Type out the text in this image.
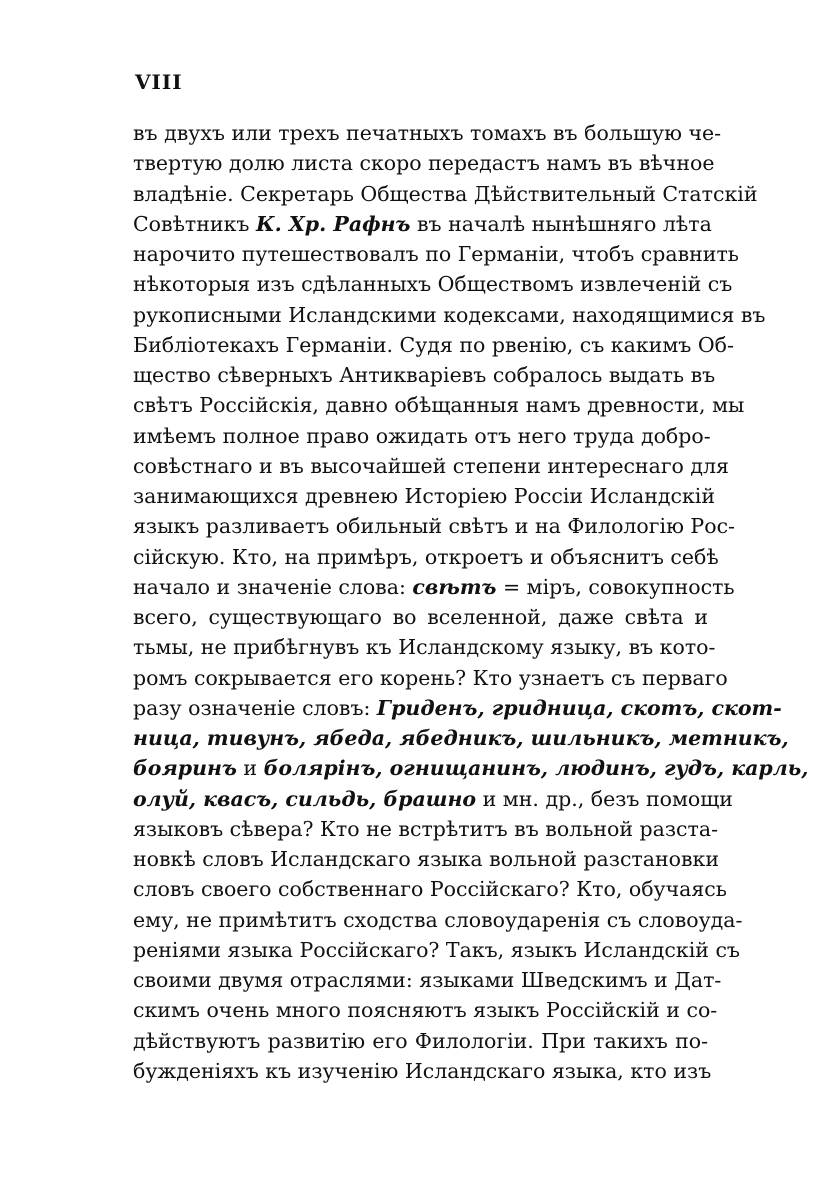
VIII
въ двухъ или трехъ печатныхъ томахъ въ большую че-
твертую долю листа скоро передастъ намъ въ вѣчное
владѣніе. Секретарь Общества Дѣйствительный Статскій
Совѣтникъ К. Хр. Рафнъ въ началѣ нынѣшняго лѣта
нарочито путешествовалъ по Германіи, чтобъ сравнить
нѣкоторыя изъ сдѣланныхъ Обществомъ извлеченій съ
рукописными Исландскими кодексами, находящимися въ
Библіотекахъ Германіи. Судя по рвенію, съ какимъ Об-
щество сѣверныхъ Антикваріевъ собралось выдать въ
свѣтъ Россійскія, давно обѣщанныя намъ древности, мы
имѣемъ полное право ожидать отъ него труда добро-
совѣстнаго и въ высочайшей степени интереснаго для
занимающихся древнею Исторіею Россіи Исландскій
языкъ разливаетъ обильный свѣтъ и на Филологію Рос-
сійскую. Кто, на примѣръ, откроетъ и объяснитъ себѣ
начало и значеніе слова: свѣтъ = міръ, совокупность
всего, существующаго во вселенной, даже свѣта и
тьмы, не прибѣгнувъ къ Исландскому языку, въ кото-
ромъ сокрывается его корень? Кто узнаетъ съ перваго
разу означеніе словъ: Гриденъ, гридница, скотъ, скот-
ница, тивунъ, ябеда, ябедникъ, шильникъ, метникъ,
бояринъ и болярінъ, огнищанинъ, людинъ, гудъ, карль,
олуй, квасъ, сильдь, брашно и мн. др., безъ помощи
языковъ сѣвера? Кто не встрѣтитъ въ вольной разста-
новкѣ словъ Исландскаго языка вольной разстановки
словъ своего собственнаго Россійскаго? Кто, обучаясь
ему, не примѣтитъ сходства словоударенія съ словоуда-
реніями языка Россійскаго? Такъ, языкъ Исландскій съ
своими двумя отраслями: языками Шведскимъ и Дат-
скимъ очень много поясняютъ языкъ Россійскій и со-
дѣйствуютъ развитію его Филологіи. При такихъ по-
бужденіяхъ къ изученію Исландскаго языка, кто изъ
